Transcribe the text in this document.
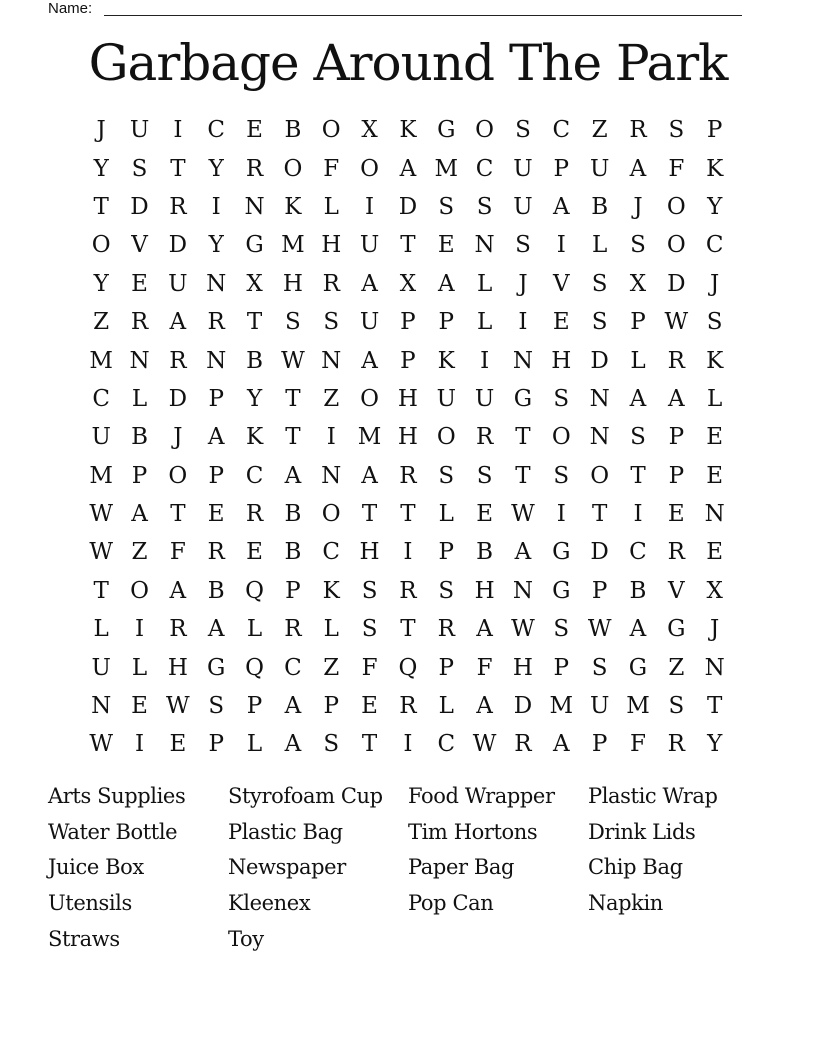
Name:
Garbage Around The Park
J	U	I	C E B O X K G O S C Z R S P
Y S T	Y R O F O A M C U P U A F K
T D R	I	N K L	I	D S S U A B	J	O Y
O V D Y G M H U T E N S	I	L S O C
Y E U N X H R A X A L	J	V S X D	J
Z R A R T S S U P P L	I	E S P W S
M N R N B W N A P K	I	N H D L R K
C L D P	Y	T Z O H U U G S N A A L
U B	J	A K T	I M H O R T O N S P E
M P O P C A N A R S S T S O T P E
W A T E R B O T	T	L E W I	T	I	E N
W Z F R E B C H	I	P B A G D C R E
T O A B Q P K S R S H N G P B V X
L	I	R A L R L S T R A W S W A G	J
U L H G Q C Z F Q P F H P S G Z N
N E W S P A P E R L A D M U M S T
W I	E P L A S T	I	C W R A P F R Y
Arts Supplies	Styrofoam Cup	Food Wrapper	Plastic Wrap
Water Bottle	Plastic Bag	Tim Hortons	Drink Lids
Juice Box	Newspaper	Paper Bag	Chip Bag
Utensils	Kleenex	Pop Can	Napkin
Straws	Toy
